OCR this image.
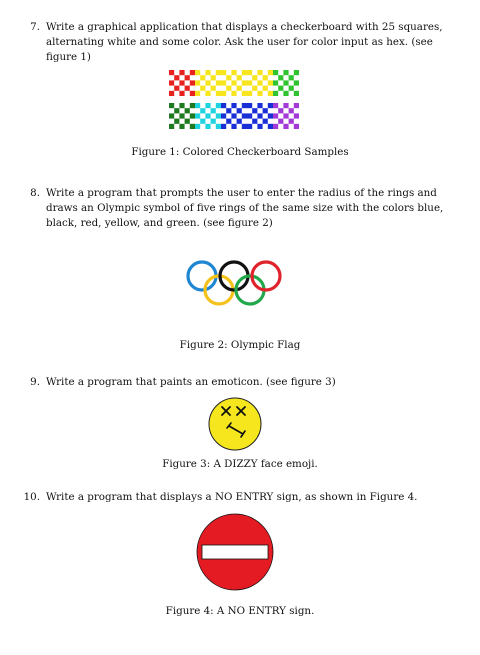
7. Write a graphical application that displays a checkerboard with 25 squares, alternating white and some color. Ask the user for color input as hex. (see figure 1)
Figure 1: Colored Checkerboard Samples
8. Write a program that prompts the user to enter the radius of the rings and draws an Olympic symbol of five rings of the same size with the colors blue, black, red, yellow, and green. (see figure 2)
Figure 2: Olympic Flag
9. Write a program that paints an emoticon. (see figure 3)
Figure 3: A DIZZY face emoji.
10. Write a program that displays a NO ENTRY sign, as shown in Figure 4.
Figure 4: A NO ENTRY sign.
